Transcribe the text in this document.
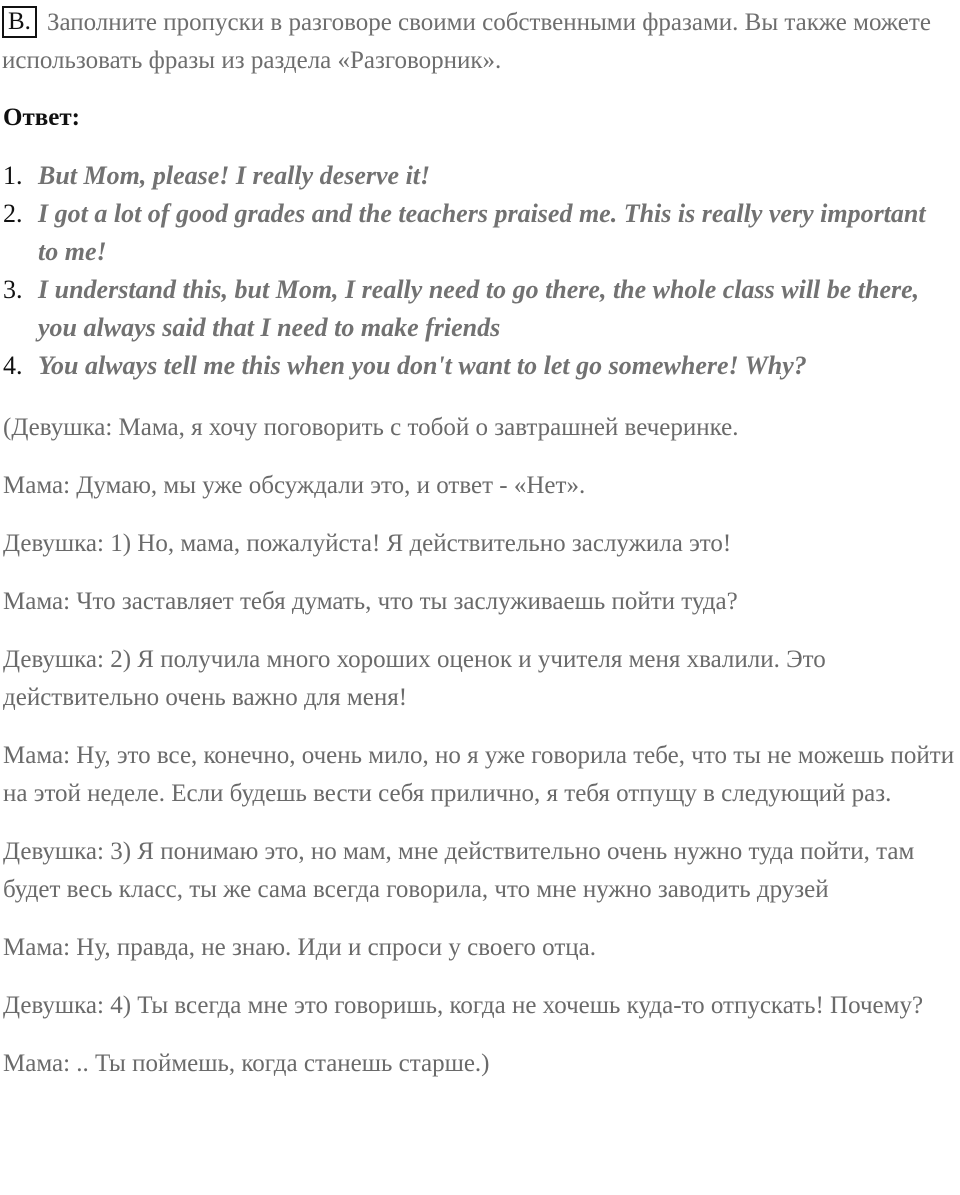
B. Заполните пропуски в разговоре своими собственными фразами. Вы также можете использовать фразы из раздела «Разговорник».

Ответ:
1. But Mom, please! I really deserve it!
2. I got a lot of good grades and the teachers praised me. This is really very important to me!
3. I understand this, but Mom, I really need to go there, the whole class will be there, you always said that I need to make friends
4. You always tell me this when you don't want to let go somewhere! Why?

(Девушка: Мама, я хочу поговорить с тобой о завтрашней вечеринке.

Мама: Думаю, мы уже обсуждали это, и ответ - «Нет».

Девушка: 1) Но, мама, пожалуйста! Я действительно заслужила это!

Мама: Что заставляет тебя думать, что ты заслуживаешь пойти туда?

Девушка: 2) Я получила много хороших оценок и учителя меня хвалили. Это действительно очень важно для меня!

Мама: Ну, это все, конечно, очень мило, но я уже говорила тебе, что ты не можешь пойти на этой неделе. Если будешь вести себя прилично, я тебя отпущу в следующий раз.

Девушка: 3) Я понимаю это, но мам, мне действительно очень нужно туда пойти, там будет весь класс, ты же сама всегда говорила, что мне нужно заводить друзей

Мама: Ну, правда, не знаю. Иди и спроси у своего отца.

Девушка: 4) Ты всегда мне это говоришь, когда не хочешь куда-то отпускать! Почему?

Мама: .. Ты поймешь, когда станешь старше.)
